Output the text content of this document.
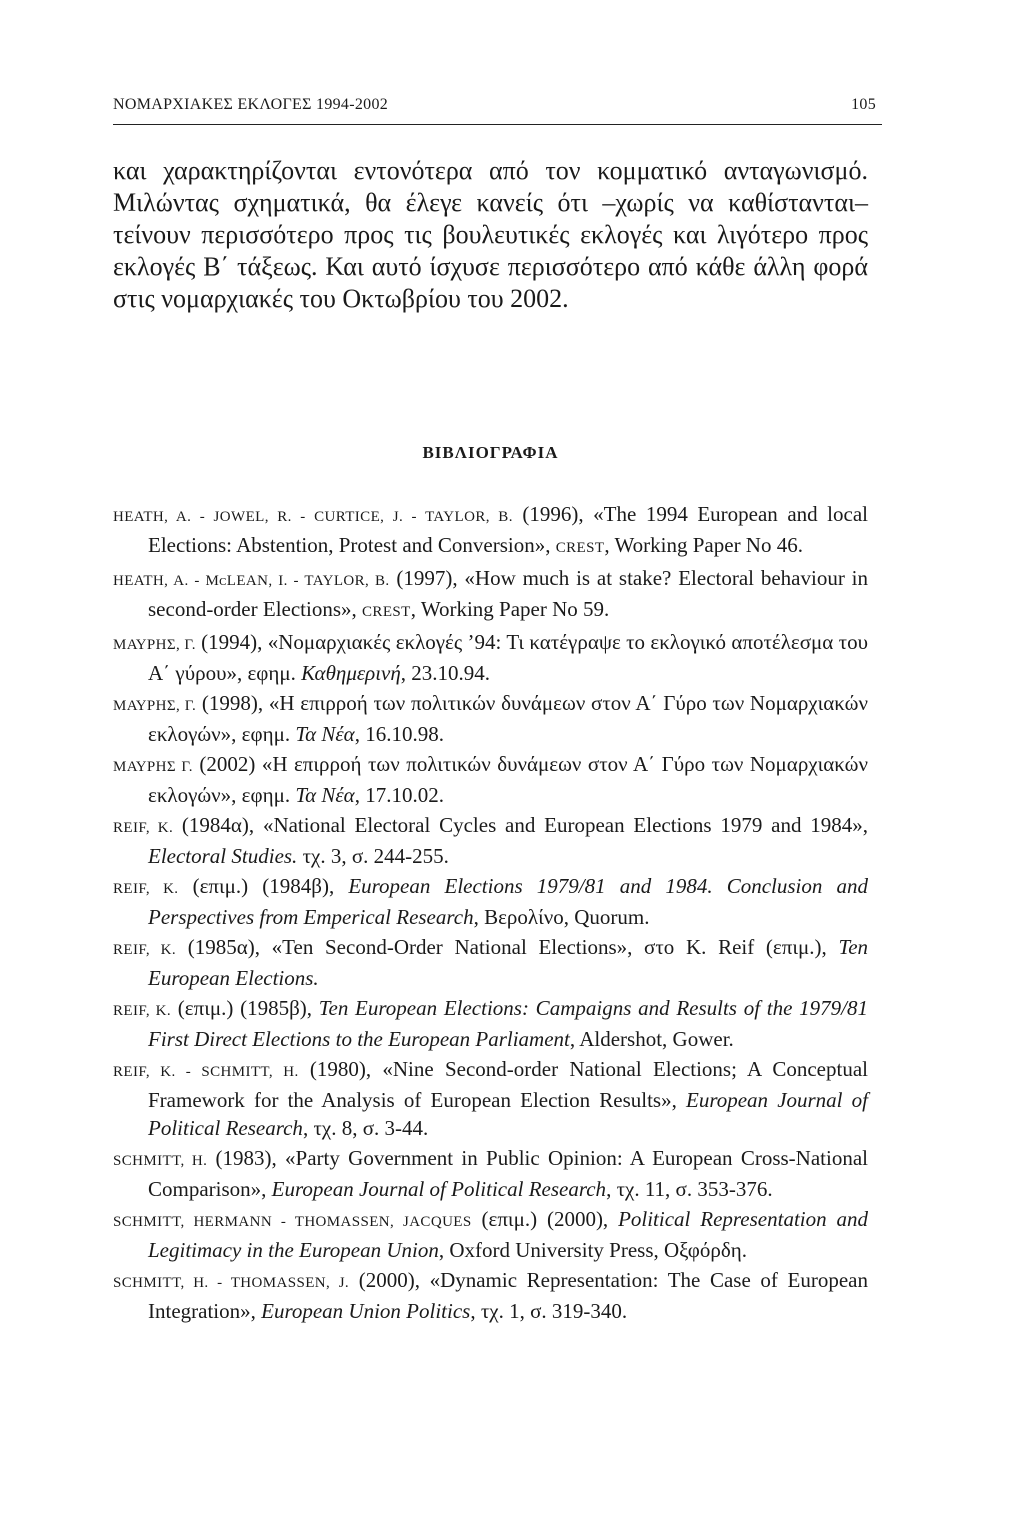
ΝΟΜΑΡΧΙΑΚΕΣ ΕΚΛΟΓΕΣ 1994-2002	105

και χαρακτηρίζονται εντονότερα από τον κομματικό ανταγωνισμό. Μιλώντας σχηματικά, θα έλεγε κανείς ότι –χωρίς να καθίστανται– τείνουν περισσότερο προς τις βουλευτικές εκλογές και λιγότερο προς εκλογές Β΄ τάξεως. Και αυτό ίσχυσε περισσότερο από κάθε άλλη φορά στις νομαρχιακές του Οκτωβρίου του 2002.

ΒΙΒΛΙΟΓΡΑΦΙΑ

HEATH, A. - JOWEL, R. - CURTICE, J. - TAYLOR, B. (1996), «The 1994 European and local Elections: Abstention, Protest and Conversion», CREST, Working Paper No 46.

HEATH, A. - MᴄLEAN, I. - TAYLOR, B. (1997), «How much is at stake? Electoral behaviour in second-order Elections», CREST, Working Paper No 59.

ΜΑΥΡΗΣ, Γ. (1994), «Νομαρχιακές εκλογές ’94: Τι κατέγραψε το εκλογικό αποτέλεσμα του Α΄ γύρου», εφημ. Καθημερινή, 23.10.94.

ΜΑΥΡΗΣ, Γ. (1998), «Η επιρροή των πολιτικών δυνάμεων στον Α΄ Γύρο των Νομαρχιακών εκλογών», εφημ. Τα Νέα, 16.10.98.

ΜΑΥΡΗΣ Γ. (2002) «Η επιρροή των πολιτικών δυνάμεων στον Α΄ Γύρο των Νομαρχιακών εκλογών», εφημ. Τα Νέα, 17.10.02.

REIF, K. (1984α), «National Electoral Cycles and European Elections 1979 and 1984», Electoral Studies. τχ. 3, σ. 244-255.

REIF, K. (επιμ.) (1984β), European Elections 1979/81 and 1984. Conclusion and Perspectives from Emperical Research, Βερολίνο, Quorum.

REIF, K. (1985α), «Ten Second-Order National Elections», στο K. Reif (επιμ.), Ten European Elections.

REIF, K. (επιμ.) (1985β), Ten European Elections: Campaigns and Results of the 1979/81 First Direct Elections to the European Parliament, Aldershot, Gower.

REIF, K. - SCHMITT, H. (1980), «Nine Second-order National Elections; A Conceptual Framework for the Analysis of European Election Results», European Journal of Political Research, τχ. 8, σ. 3-44.

SCHMITT, H. (1983), «Party Government in Public Opinion: A European Cross-National Comparison», European Journal of Political Research, τχ. 11, σ. 353-376.

SCHMITT, HERMANN - THOMASSEN, JACQUES (επιμ.) (2000), Political Representation and Legitimacy in the European Union, Oxford University Press, Οξφόρδη.

SCHMITT, H. - THOMASSEN, J. (2000), «Dynamic Representation: The Case of European Integration», European Union Politics, τχ. 1, σ. 319-340.
